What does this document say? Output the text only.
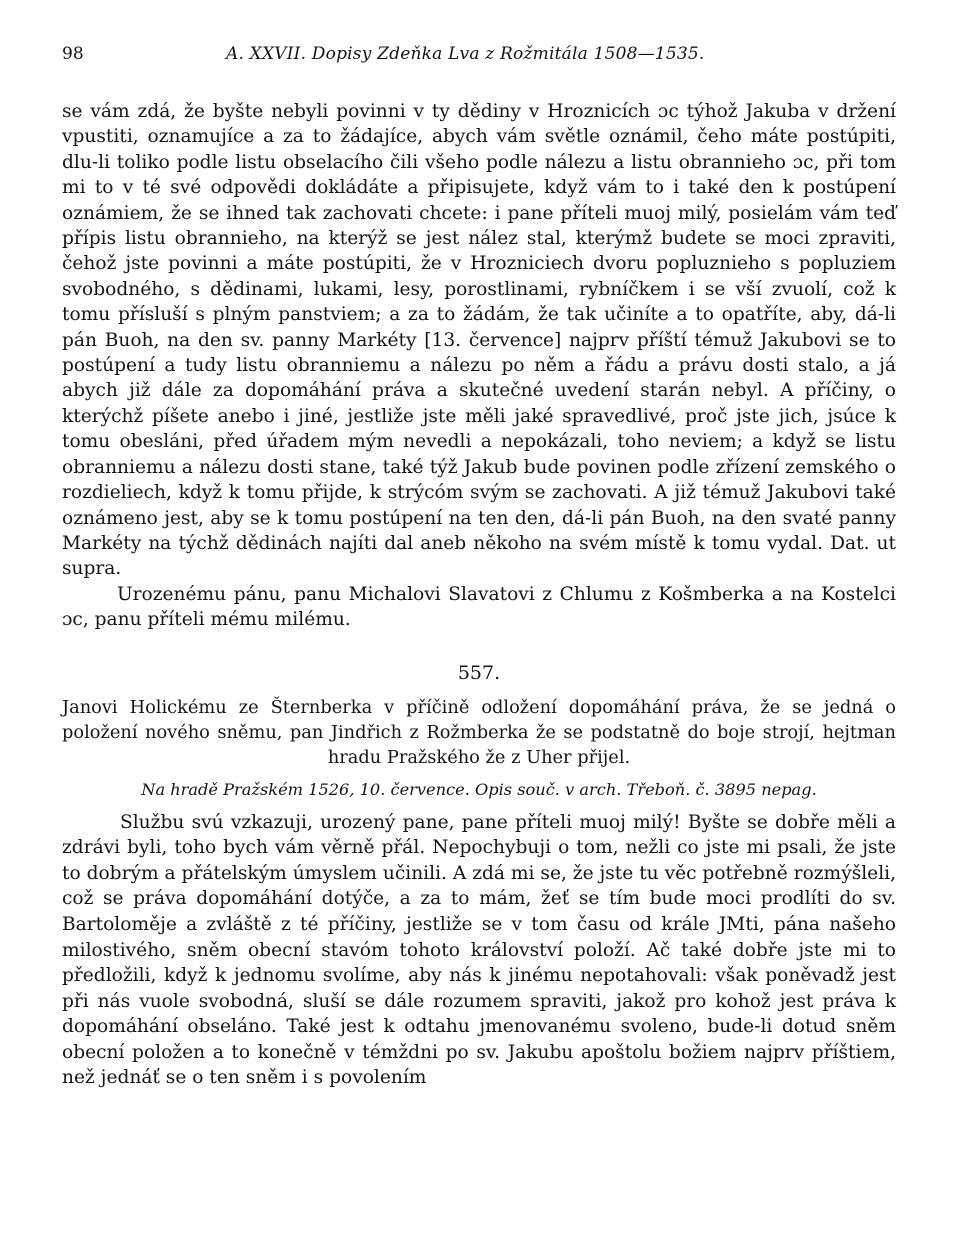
98	A. XXVII. Dopisy Zdeňka Lva z Rožmitála 1508—1535.

se vám zdá, že byšte nebyli povinni v ty dědiny v Hroznicích ɔc týhož Jakuba v držení vpustiti, oznamujíce a za to žádajíce, abych vám světle oznámil, čeho máte postúpiti, dlu-li toliko podle listu obselacího čili všeho podle nálezu a listu obrannieho ɔc, při tom mi to v té své odpovědi dokládáte a připisujete, když vám to i také den k postúpení oznámiem, že se ihned tak zachovati chcete: i pane příteli muoj milý, posielám vám teď přípis listu obrannieho, na kterýž se jest nález stal, kterýmž budete se moci zpraviti, čehož jste povinni a máte postúpiti, že v Hrozniciech dvoru popluznieho s popluziem svobodného, s dědinami, lukami, lesy, porostlinami, rybníčkem i se vší zvuolí, což k tomu přísluší s plným panstviem; a za to žádám, že tak učiníte a to opatříte, aby, dá-li pán Buoh, na den sv. panny Markéty [13. července] najprv příští témuž Jakubovi se to postúpení a tudy listu obranniemu a nálezu po něm a řádu a právu dosti stalo, a já abych již dále za dopomáhání práva a skutečné uvedení starán nebyl. A příčiny, o kterýchž píšete anebo i jiné, jestliže jste měli jaké spravedlivé, proč jste jich, jsúce k tomu obesláni, před úřadem mým nevedli a nepokázali, toho neviem; a když se listu obranniemu a nálezu dosti stane, také týž Jakub bude povinen podle zřízení zemského o rozdieliech, když k tomu přijde, k strýcóm svým se zachovati. A již témuž Jakubovi také oznámeno jest, aby se k tomu postúpení na ten den, dá-li pán Buoh, na den svaté panny Markéty na týchž dědinách najíti dal aneb někoho na svém místě k tomu vydal. Dat. ut supra.

Urozenému pánu, panu Michalovi Slavatovi z Chlumu z Košmberka a na Kostelci ɔc, panu příteli mému milému.

557.
Janovi Holickému ze Šternberka v příčině odložení dopomáhání práva, že se jedná o položení nového sněmu, pan Jindřich z Rožmberka že se podstatně do boje strojí, hejtman hradu Pražského že z Uher přijel.
Na hradě Pražském 1526, 10. července. Opis souč. v arch. Třeboň. č. 3895 nepag.
Službu svú vzkazuji, urozený pane, pane příteli muoj milý! Byšte se dobře měli a zdrávi byli, toho bych vám věrně přál. Nepochybuji o tom, nežli co jste mi psali, že jste to dobrým a přátelským úmyslem učinili. A zdá mi se, že jste tu věc potřebně rozmýšleli, což se práva dopomáhání dotýče, a za to mám, žeť se tím bude moci prodlíti do sv. Bartoloměje a zvláště z té příčiny, jestliže se v tom času od krále JMti, pána našeho milostivého, sněm obecní stavóm tohoto království položí. Ač také dobře jste mi to předložili, když k jednomu svolíme, aby nás k jinému nepotahovali: však poněvadž jest při nás vuole svobodná, sluší se dále rozumem spraviti, jakož pro kohož jest práva k dopomáhání obseláno. Také jest k odtahu jmenovanému svoleno, bude-li dotud sněm obecní položen a to konečně v témždni po sv. Jakubu apoštolu božiem najprv příštiem, než jednáť se o ten sněm i s povolením
